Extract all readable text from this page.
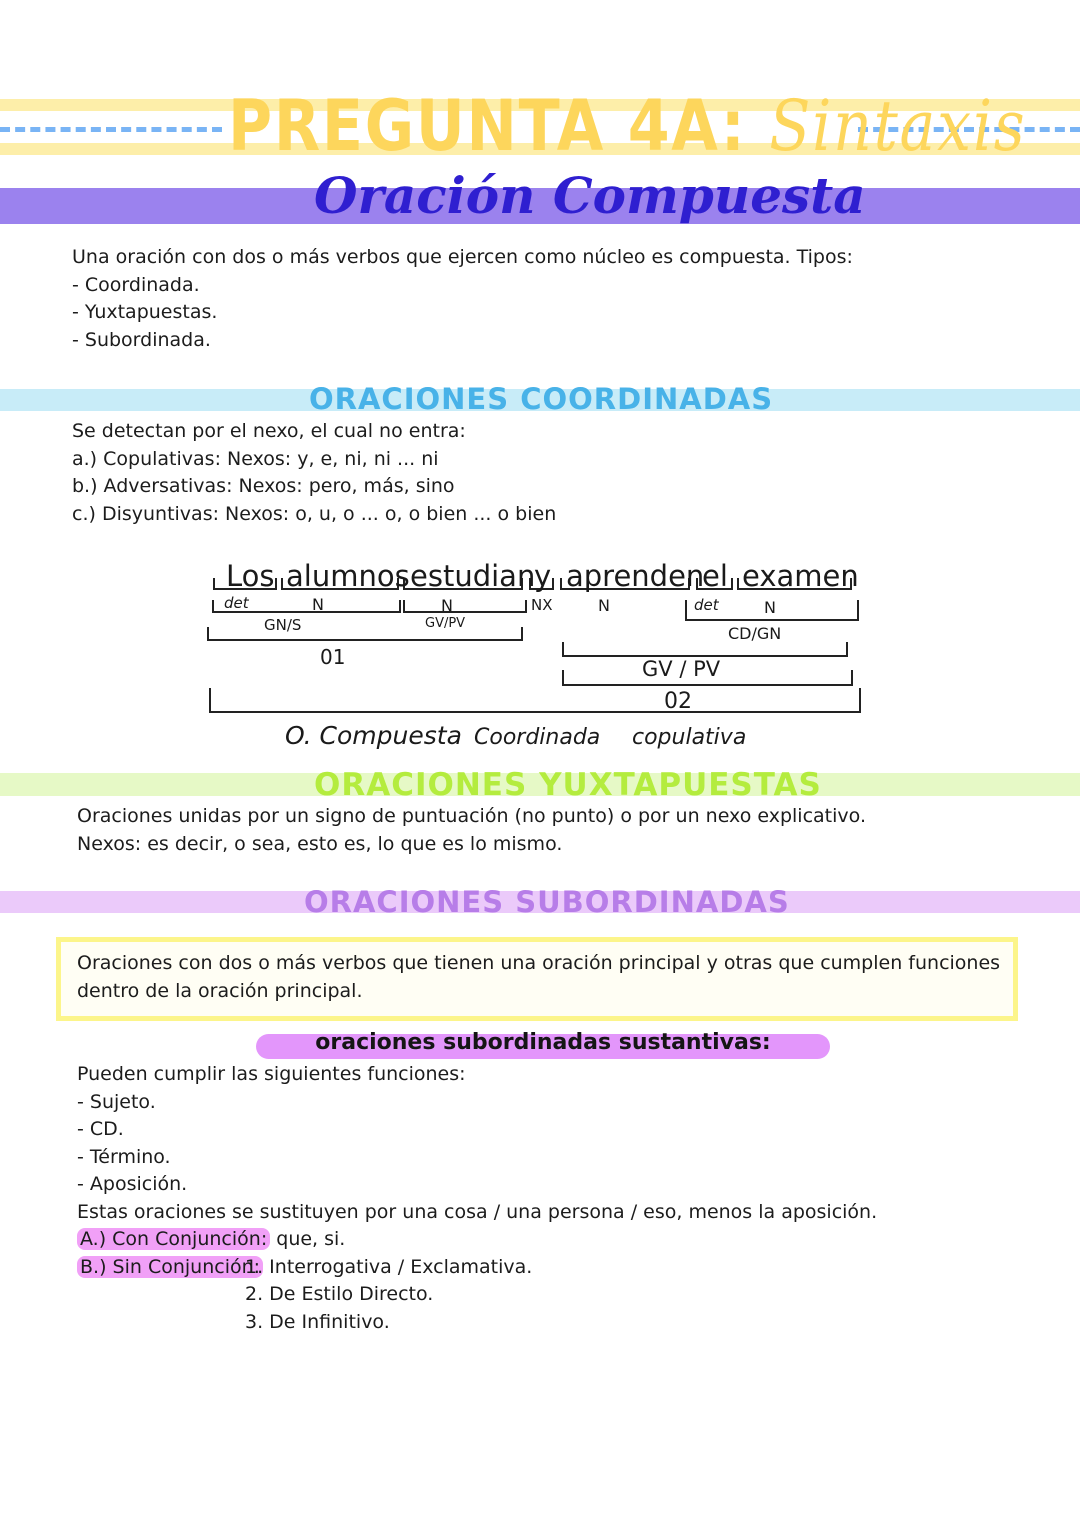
PREGUNTA 4A: Sintaxis
Oración Compuesta
Una oración con dos o más verbos que ejercen como núcleo es compuesta. Tipos:
- Coordinada.
- Yuxtapuestas.
- Subordinada.
ORACIONES COORDINADAS
Se detectan por el nexo, el cual no entra:
a.) Copulativas: Nexos: y, e, ni, ni ... ni
b.) Adversativas: Nexos: pero, más, sino
c.) Disyuntivas: Nexos: o, u, o ... o, o bien ... o bien
Los alumnos estudian
y aprenden
el examen
det	N	N	NX	N	det	N
GN/S	GV/PV
CD/GN
01	GV / PV
02
O. Compuesta Coordinada copulativa
ORACIONES YUXTAPUESTAS
Oraciones unidas por un signo de puntuación (no punto) o por un nexo explicativo.
Nexos: es decir, o sea, esto es, lo que es lo mismo.
ORACIONES SUBORDINADAS
Oraciones con dos o más verbos que tienen una oración principal y otras que cumplen funciones
dentro de la oración principal.
oraciones subordinadas sustantivas:
Pueden cumplir las siguientes funciones:
- Sujeto.
- CD.
- Término.
- Aposición.
Estas oraciones se sustituyen por una cosa / una persona / eso, menos la aposición.
A.) Con Conjunción: que, si.
B.) Sin Conjunción:
1. Interrogativa / Exclamativa.
2. De Estilo Directo.
3. De Infinitivo.
